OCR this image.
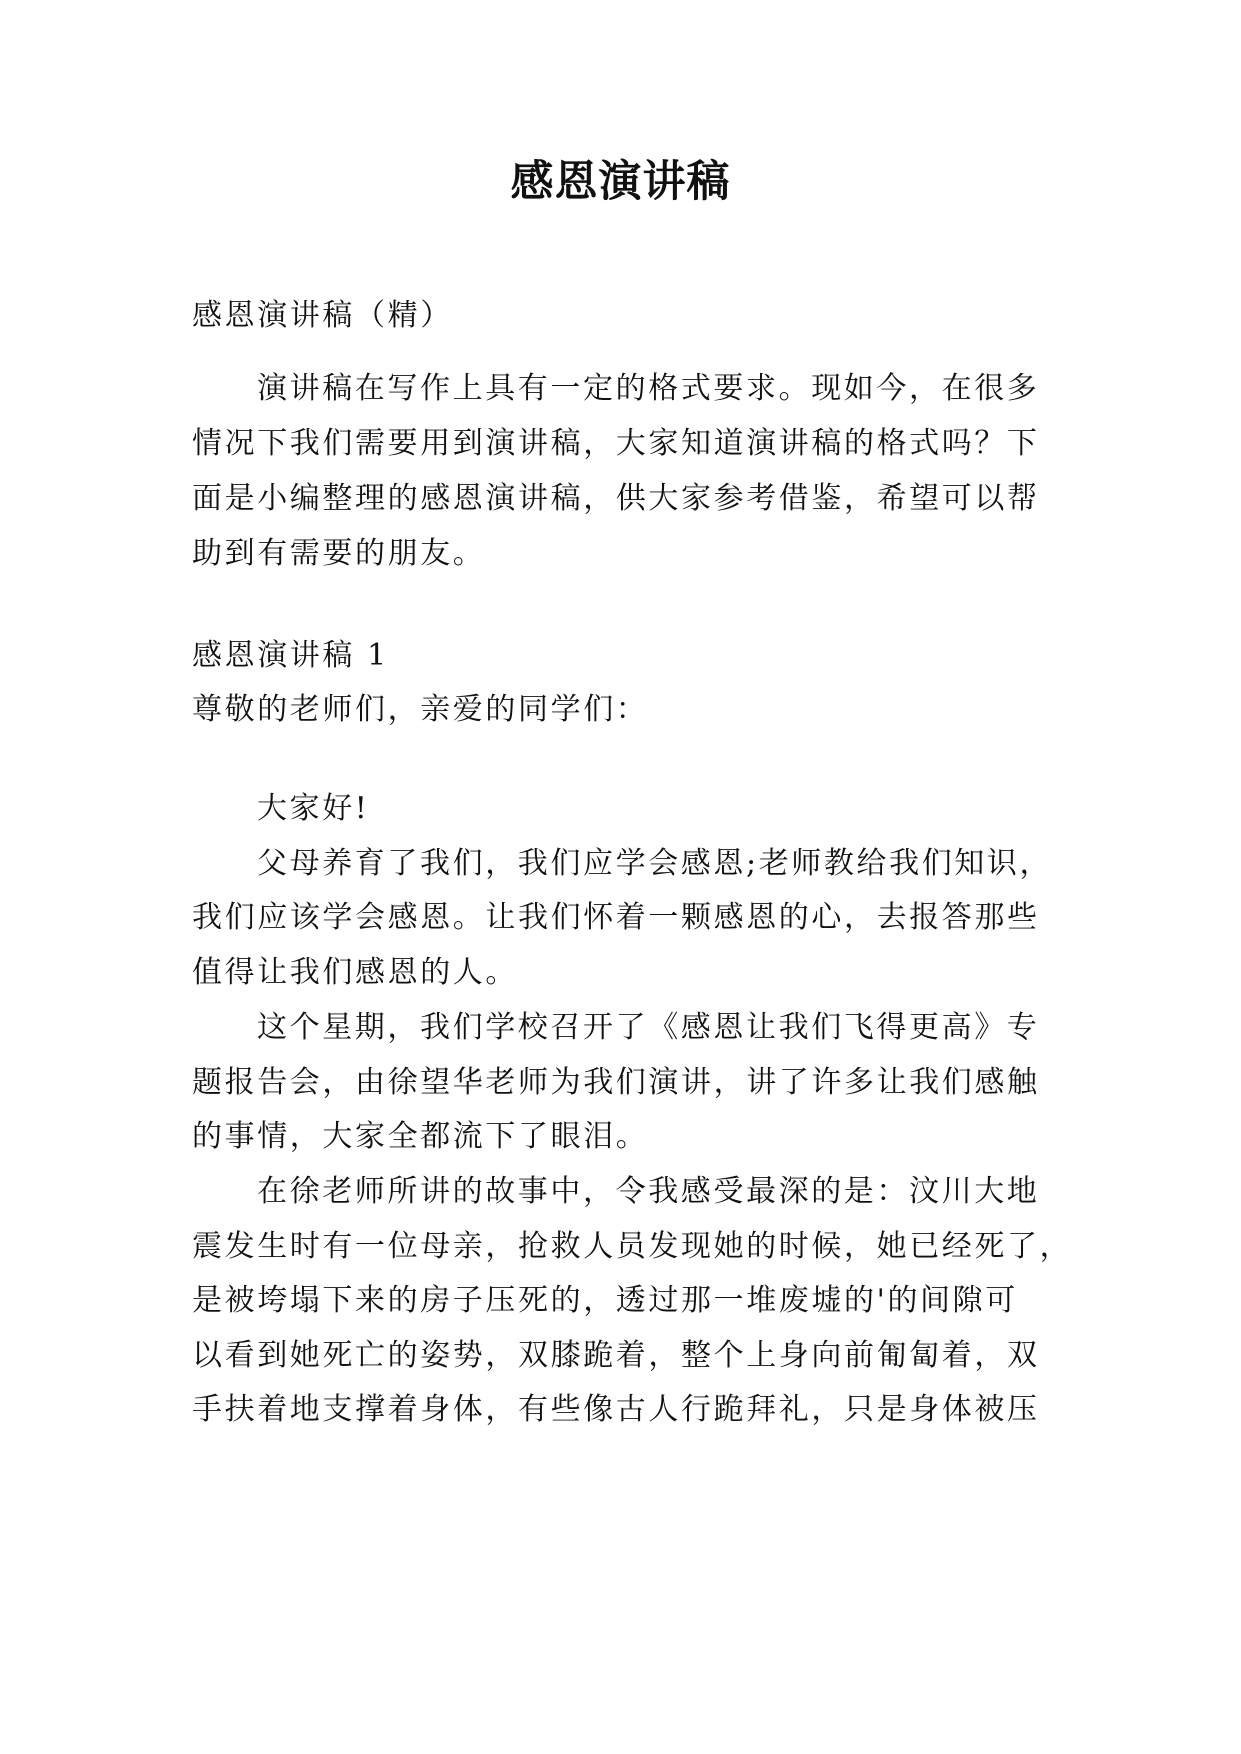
感恩演讲稿
感恩演讲稿（精）
演讲稿在写作上具有一定的格式要求。现如今，在很多
情况下我们需要用到演讲稿，大家知道演讲稿的格式吗？下
面是小编整理的感恩演讲稿，供大家参考借鉴，希望可以帮
助到有需要的朋友。
感恩演讲稿 1
尊敬的老师们，亲爱的同学们：
大家好!
父母养育了我们，我们应学会感恩;老师教给我们知识，
我们应该学会感恩。让我们怀着一颗感恩的心，去报答那些
值得让我们感恩的人。
这个星期，我们学校召开了《感恩让我们飞得更高》专
题报告会，由徐望华老师为我们演讲，讲了许多让我们感触
的事情，大家全都流下了眼泪。
在徐老师所讲的故事中，令我感受最深的是：汶川大地
震发生时有一位母亲，抢救人员发现她的时候，她已经死了，
是被垮塌下来的房子压死的，透过那一堆废墟的'的间隙可
以看到她死亡的姿势，双膝跪着，整个上身向前匍匐着，双
手扶着地支撑着身体，有些像古人行跪拜礼，只是身体被压
